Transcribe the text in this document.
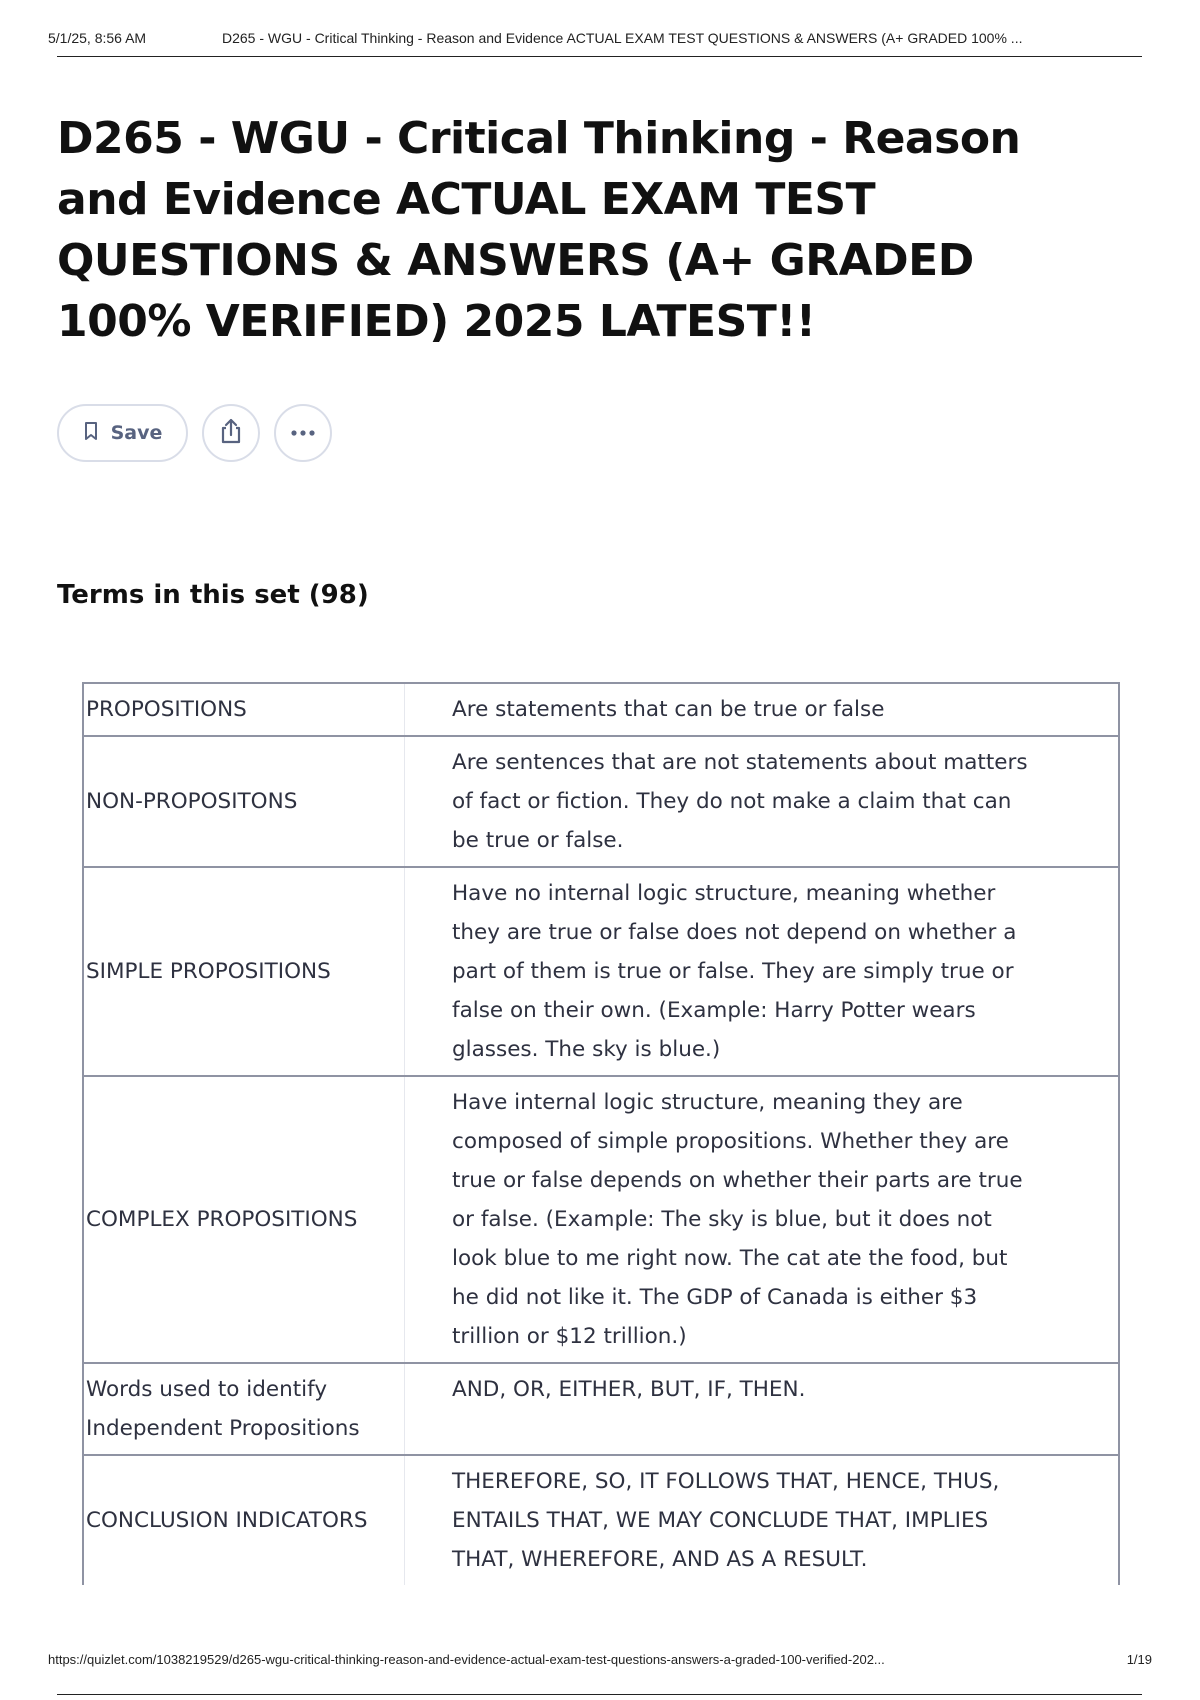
5/1/25, 8:56 AM	D265 - WGU - Critical Thinking - Reason and Evidence ACTUAL EXAM TEST QUESTIONS & ANSWERS (A+ GRADED 100% ...
D265 - WGU - Critical Thinking - Reason and Evidence ACTUAL EXAM TEST QUESTIONS & ANSWERS (A+ GRADED 100% VERIFIED) 2025 LATEST!!
Save
Terms in this set (98)
PROPOSITIONS	Are statements that can be true or false
NON-PROPOSITONS	Are sentences that are not statements about matters of fact or fiction. They do not make a claim that can be true or false.
SIMPLE PROPOSITIONS	Have no internal logic structure, meaning whether they are true or false does not depend on whether a part of them is true or false. They are simply true or false on their own. (Example: Harry Potter wears glasses. The sky is blue.)
COMPLEX PROPOSITIONS	Have internal logic structure, meaning they are composed of simple propositions. Whether they are true or false depends on whether their parts are true or false. (Example: The sky is blue, but it does not look blue to me right now. The cat ate the food, but he did not like it. The GDP of Canada is either $3 trillion or $12 trillion.)
Words used to identify Independent Propositions	AND, OR, EITHER, BUT, IF, THEN.
CONCLUSION INDICATORS	THEREFORE, SO, IT FOLLOWS THAT, HENCE, THUS, ENTAILS THAT, WE MAY CONCLUDE THAT, IMPLIES THAT, WHEREFORE, AND AS A RESULT.
https://quizlet.com/1038219529/d265-wgu-critical-thinking-reason-and-evidence-actual-exam-test-questions-answers-a-graded-100-verified-202...	1/19
